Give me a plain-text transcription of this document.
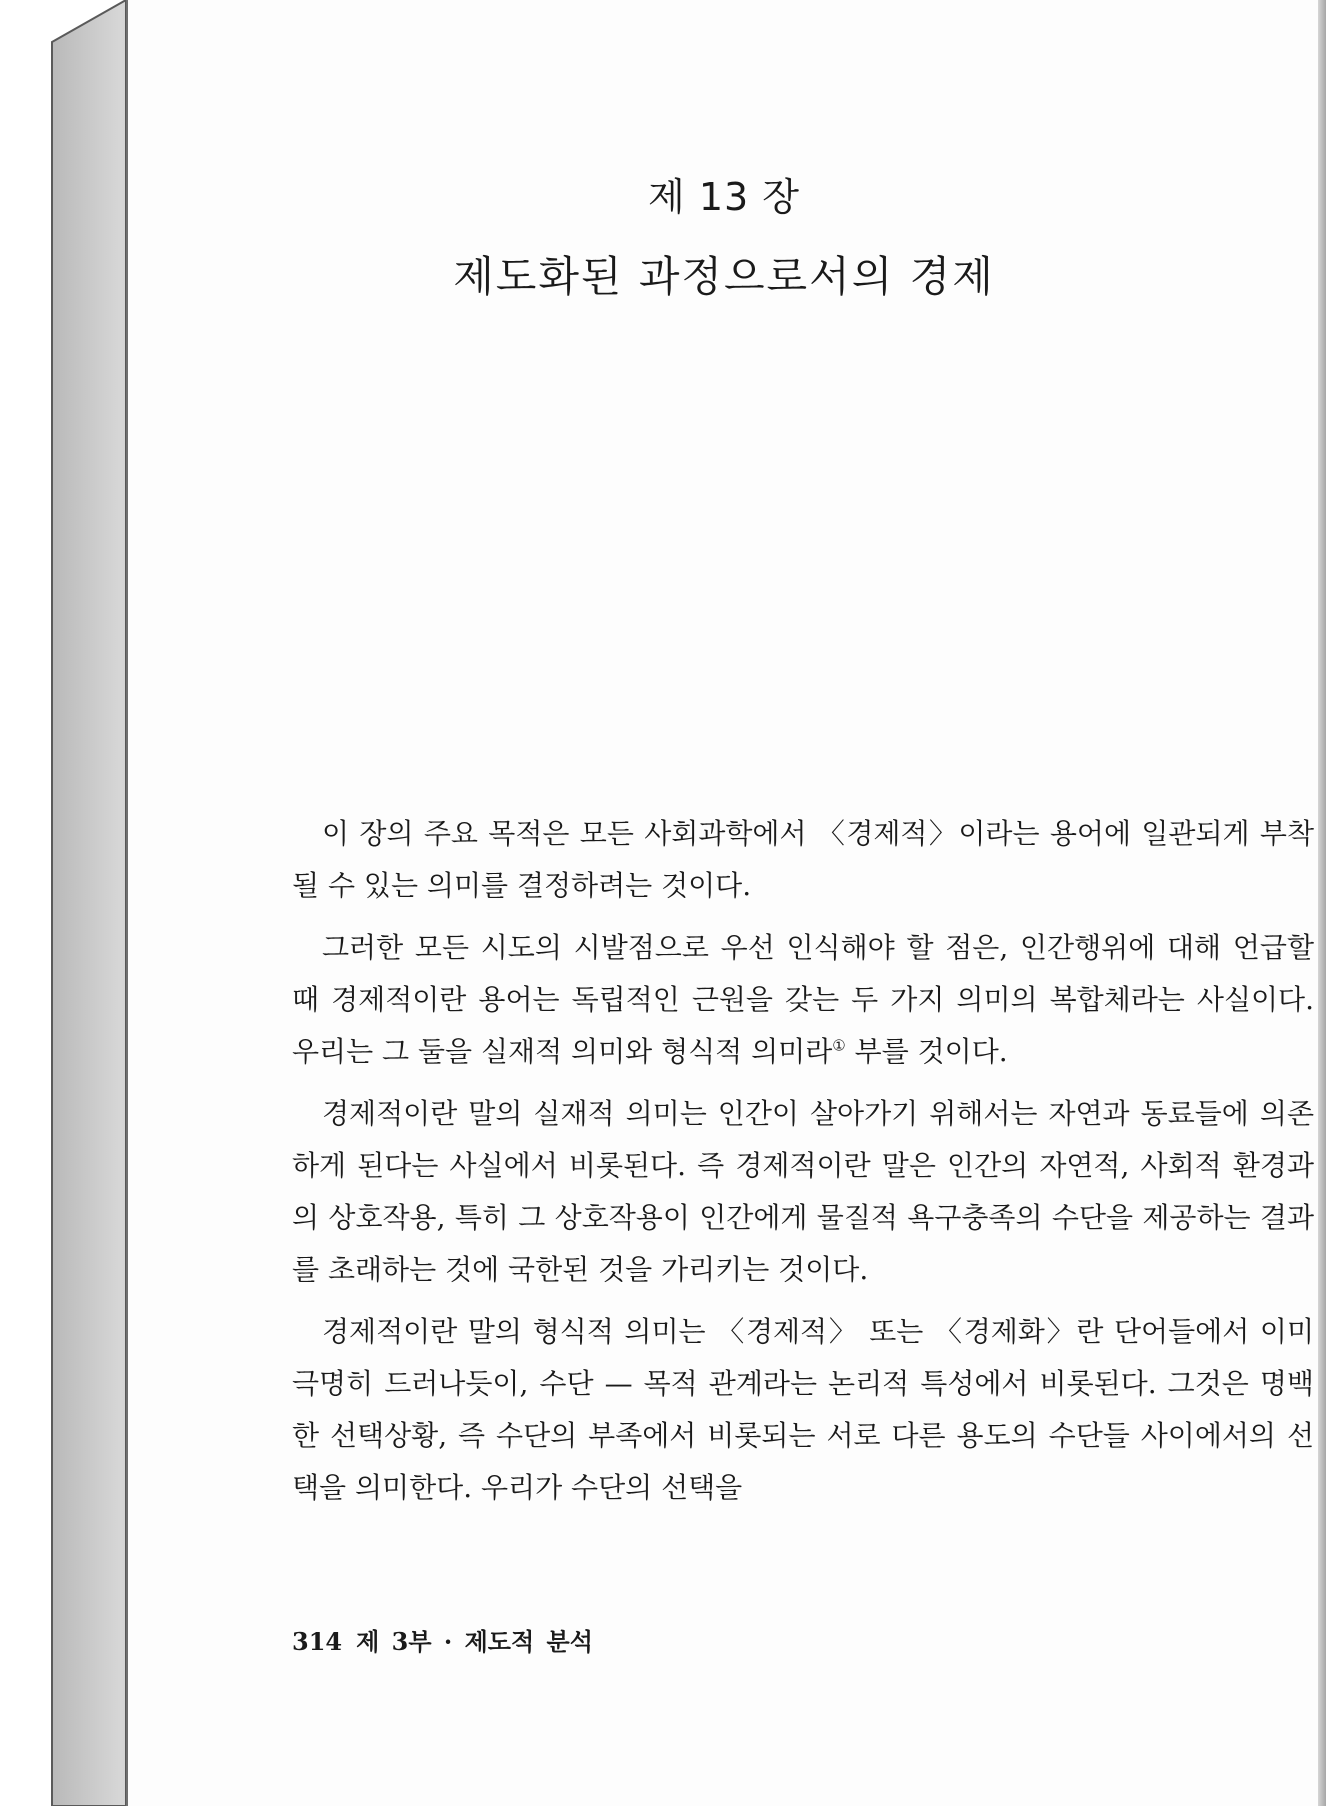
제 13 장
제도화된 과정으로서의 경제

이 장의 주요 목적은 모든 사회과학에서 〈경제적〉이라는 용어에 일관되게 부착될 수 있는 의미를 결정하려는 것이다.

그러한 모든 시도의 시발점으로 우선 인식해야 할 점은, 인간행위에 대해 언급할 때 경제적이란 용어는 독립적인 근원을 갖는 두 가지 의미의 복합체라는 사실이다. 우리는 그 둘을 실재적 의미와 형식적 의미라① 부를 것이다.

경제적이란 말의 실재적 의미는 인간이 살아가기 위해서는 자연과 동료들에 의존하게 된다는 사실에서 비롯된다. 즉 경제적이란 말은 인간의 자연적, 사회적 환경과의 상호작용, 특히 그 상호작용이 인간에게 물질적 욕구충족의 수단을 제공하는 결과를 초래하는 것에 국한된 것을 가리키는 것이다.

경제적이란 말의 형식적 의미는 〈경제적〉 또는 〈경제화〉란 단어들에서 이미 극명히 드러나듯이, 수단 — 목적 관계라는 논리적 특성에서 비롯된다. 그것은 명백한 선택상황, 즉 수단의 부족에서 비롯되는 서로 다른 용도의 수단들 사이에서의 선택을 의미한다. 우리가 수단의 선택을

314 제 3부 · 제도적 분석
